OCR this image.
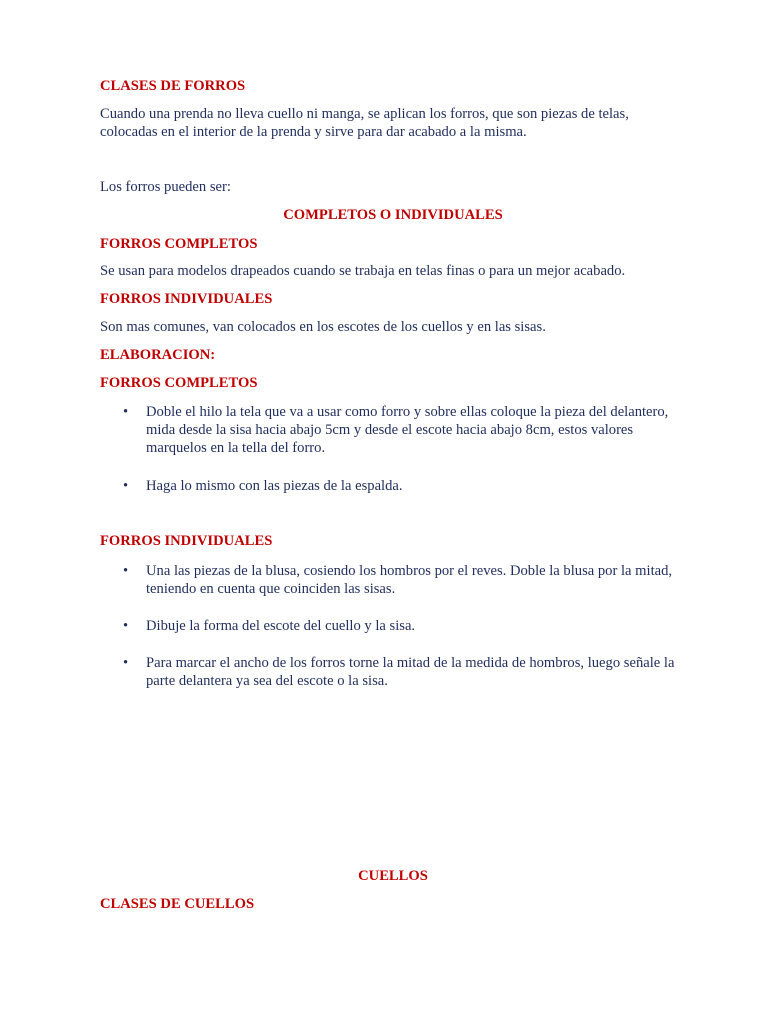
CLASES DE FORROS

Cuando una prenda no lleva cuello ni manga, se aplican los forros, que son piezas de telas, colocadas en el interior de la prenda y sirve para dar acabado a la misma.

Los forros pueden ser:

COMPLETOS O INDIVIDUALES
FORROS COMPLETOS

Se usan para modelos drapeados cuando se trabaja en telas finas o para un mejor acabado.

FORROS INDIVIDUALES

Son mas comunes, van colocados en los escotes de los cuellos y en las sisas.

ELABORACION:
FORROS COMPLETOS
• Doble el hilo la tela que va a usar como forro y sobre ellas coloque la pieza del delantero, mida desde la sisa hacia abajo 5cm y desde el escote hacia abajo 8cm, estos valores marquelos en la tella del forro.
• Haga lo mismo con las piezas de la espalda.
FORROS INDIVIDUALES
• Una las piezas de la blusa, cosiendo los hombros por el reves. Doble la blusa por la mitad, teniendo en cuenta que coinciden las sisas.
• Dibuje la forma del escote del cuello y la sisa.
• Para marcar el ancho de los forros torne la mitad de la medida de hombros, luego señale la parte delantera ya sea del escote o la sisa.
CUELLOS
CLASES DE CUELLOS
